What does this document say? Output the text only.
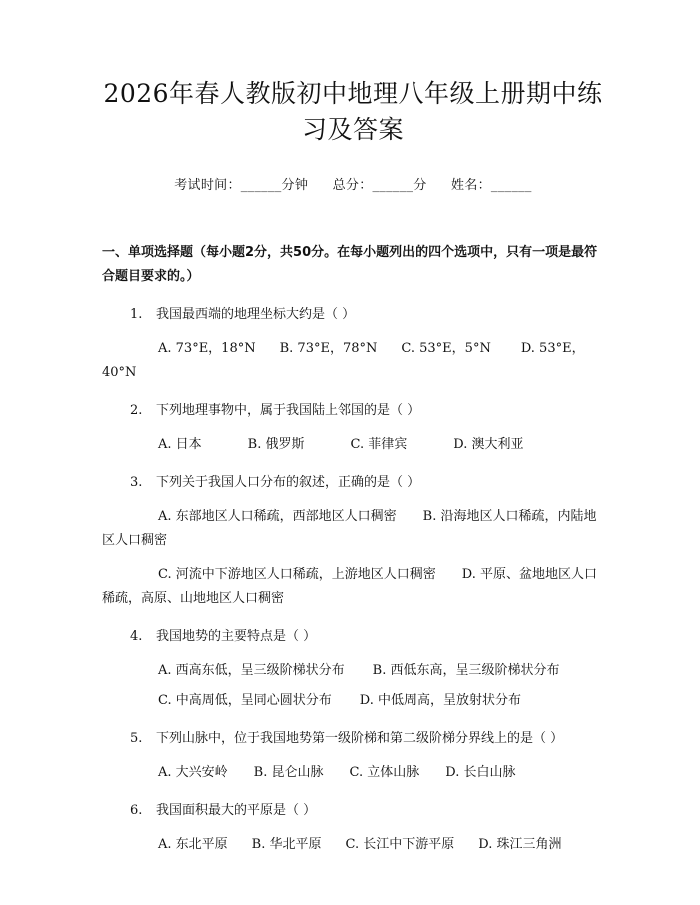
2026年春人教版初中地理八年级上册期中练习及答案
考试时间：______分钟 总分：______分 姓名：______
一、单项选择题（每小题2分，共50分。在每小题列出的四个选项中，只有一项是最符合题目要求的。）
1. 我国最西端的地理坐标大约是（ ）
A. 73°E，18°N B. 73°E，78°N C. 53°E，5°N D. 53°E，40°N
2. 下列地理事物中，属于我国陆上邻国的是（ ）
A. 日本	B. 俄罗斯	C. 菲律宾	D. 澳大利亚
3. 下列关于我国人口分布的叙述，正确的是（ ）
A. 东部地区人口稀疏，西部地区人口稠密 B. 沿海地区人口稀疏，内陆地区人口稠密
C. 河流中下游地区人口稀疏，上游地区人口稠密 D. 平原、盆地地区人口稀疏，高原、山地地区人口稠密
4. 我国地势的主要特点是（ ）
A. 西高东低，呈三级阶梯状分布 B. 西低东高，呈三级阶梯状分布
C. 中高周低，呈同心圆状分布 D. 中低周高，呈放射状分布
5. 下列山脉中，位于我国地势第一级阶梯和第二级阶梯分界线上的是（ ）
A. 大兴安岭 B. 昆仑山脉 C. 立体山脉 D. 长白山脉
6. 我国面积最大的平原是（ ）
A. 东北平原 B. 华北平原 C. 长江中下游平原 D. 珠江三角洲
